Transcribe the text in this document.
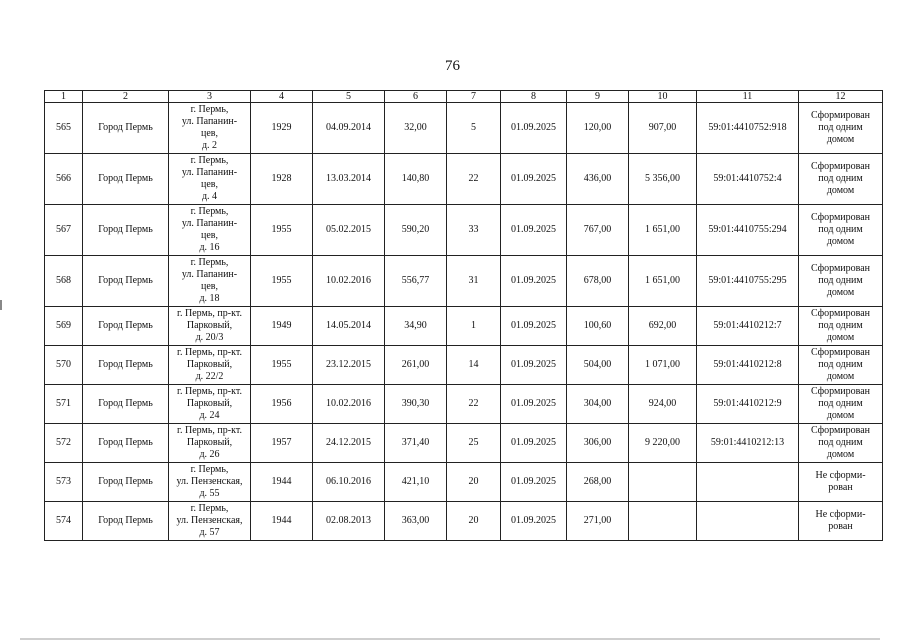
76
1	2	3	4	5	6	7	8	9	10	11	12
565	Город Пермь	г. Пермь,
ул. Папанин-
цев,
д. 2	1929	04.09.2014	32,00	5	01.09.2025	120,00	907,00	59:01:4410752:918	Сформирован
под одним
домом
566	Город Пермь	г. Пермь,
ул. Папанин-
цев,
д. 4	1928	13.03.2014	140,80	22	01.09.2025	436,00	5 356,00	59:01:4410752:4	Сформирован
под одним
домом
567	Город Пермь	г. Пермь,
ул. Папанин-
цев,
д. 16	1955	05.02.2015	590,20	33	01.09.2025	767,00	1 651,00	59:01:4410755:294	Сформирован
под одним
домом
568	Город Пермь	г. Пермь,
ул. Папанин-
цев,
д. 18	1955	10.02.2016	556,77	31	01.09.2025	678,00	1 651,00	59:01:4410755:295	Сформирован
под одним
домом
569	Город Пермь	г. Пермь, пр-кт.
Парковый,
д. 20/3	1949	14.05.2014	34,90	1	01.09.2025	100,60	692,00	59:01:4410212:7	Сформирован
под одним
домом
570	Город Пермь	г. Пермь, пр-кт.
Парковый,
д. 22/2	1955	23.12.2015	261,00	14	01.09.2025	504,00	1 071,00	59:01:4410212:8	Сформирован
под одним
домом
571	Город Пермь	г. Пермь, пр-кт.
Парковый,
д. 24	1956	10.02.2016	390,30	22	01.09.2025	304,00	924,00	59:01:4410212:9	Сформирован
под одним
домом
572	Город Пермь	г. Пермь, пр-кт.
Парковый,
д. 26	1957	24.12.2015	371,40	25	01.09.2025	306,00	9 220,00	59:01:4410212:13	Сформирован
под одним
домом
573	Город Пермь	г. Пермь,
ул. Пензенская,
д. 55	1944	06.10.2016	421,10	20	01.09.2025	268,00			Не сформи-
рован
574	Город Пермь	г. Пермь,
ул. Пензенская,
д. 57	1944	02.08.2013	363,00	20	01.09.2025	271,00			Не сформи-
рован
